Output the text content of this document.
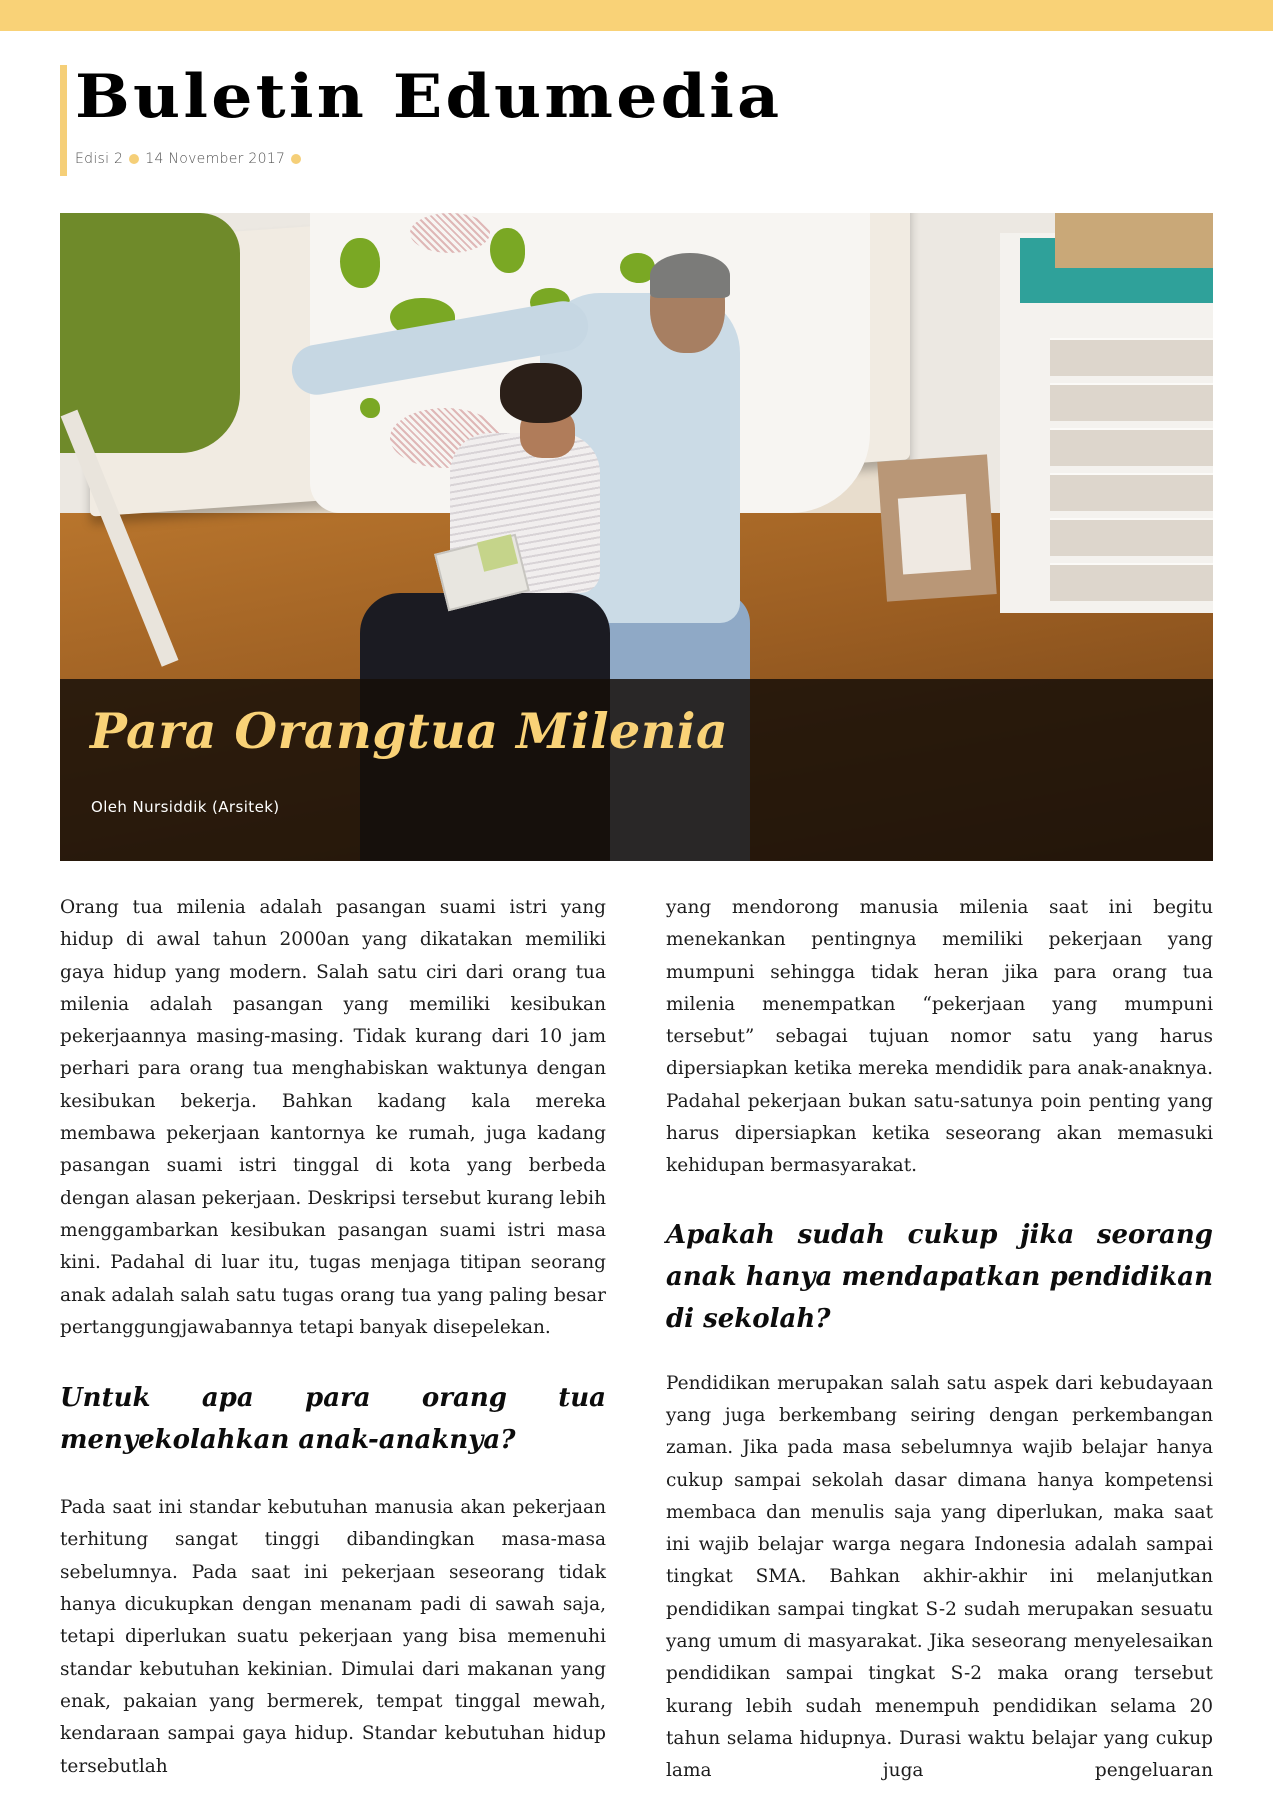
Buletin Edumedia
Edisi 2 14 November 2017
Para Orangtua Milenia
Oleh Nursiddik (Arsitek)

Orang tua milenia adalah pasangan suami istri yang hidup di awal tahun 2000an yang dikatakan memiliki gaya hidup yang modern. Salah satu ciri dari orang tua milenia adalah pasangan yang memiliki kesibukan pekerjaannya masing-masing. Tidak kurang dari 10 jam perhari para orang tua menghabiskan waktunya dengan kesibukan bekerja. Bahkan kadang kala mereka membawa pekerjaan kantornya ke rumah, juga kadang pasangan suami istri tinggal di kota yang berbeda dengan alasan pekerjaan. Deskripsi tersebut kurang lebih menggambarkan kesibukan pasangan suami istri masa kini. Padahal di luar itu, tugas menjaga titipan seorang anak adalah salah satu tugas orang tua yang paling besar pertanggungjawabannya tetapi banyak disepelekan.

Untuk apa para orang tua menyekolahkan anak-anaknya?

Pada saat ini standar kebutuhan manusia akan pekerjaan terhitung sangat tinggi dibandingkan masa-masa sebelumnya. Pada saat ini pekerjaan seseorang tidak hanya dicukupkan dengan menanam padi di sawah saja, tetapi diperlukan suatu pekerjaan yang bisa memenuhi standar kebutuhan kekinian. Dimulai dari makanan yang enak, pakaian yang bermerek, tempat tinggal mewah, kendaraan sampai gaya hidup. Standar kebutuhan hidup tersebutlah

yang mendorong manusia milenia saat ini begitu menekankan pentingnya memiliki pekerjaan yang mumpuni sehingga tidak heran jika para orang tua milenia menempatkan “pekerjaan yang mumpuni tersebut” sebagai tujuan nomor satu yang harus dipersiapkan ketika mereka mendidik para anak-anaknya. Padahal pekerjaan bukan satu-satunya poin penting yang harus dipersiapkan ketika seseorang akan memasuki kehidupan bermasyarakat.

Apakah sudah cukup jika seorang anak hanya mendapatkan pendidikan di sekolah?

Pendidikan merupakan salah satu aspek dari kebudayaan yang juga berkembang seiring dengan perkembangan zaman. Jika pada masa sebelumnya wajib belajar hanya cukup sampai sekolah dasar dimana hanya kompetensi membaca dan menulis saja yang diperlukan, maka saat ini wajib belajar warga negara Indonesia adalah sampai tingkat SMA. Bahkan akhir-akhir ini melanjutkan pendidikan sampai tingkat S-2 sudah merupakan sesuatu yang umum di masyarakat. Jika seseorang menyelesaikan pendidikan sampai tingkat S-2 maka orang tersebut kurang lebih sudah menempuh pendidikan selama 20 tahun selama hidupnya. Durasi waktu belajar yang cukup lama juga pengeluaran
